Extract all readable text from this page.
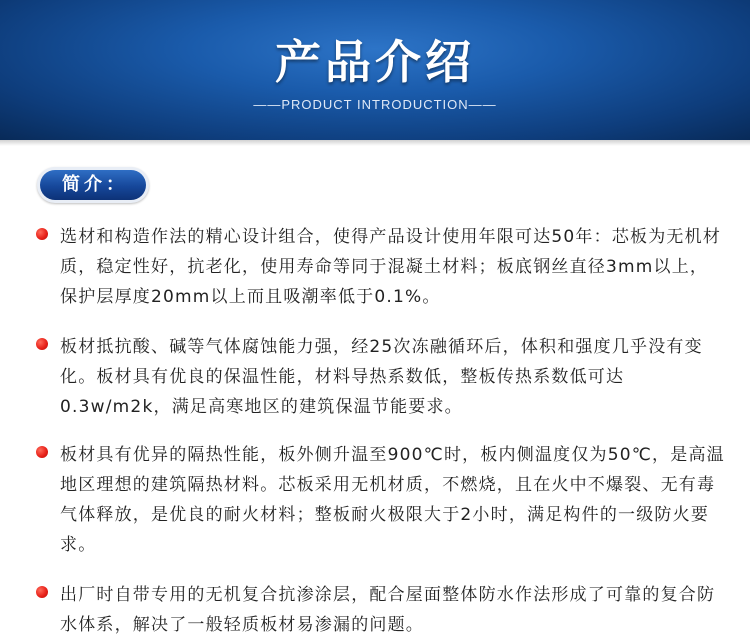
产品介绍
——PRODUCT INTRODUCTION——
简介：
选材和构造作法的精心设计组合，使得产品设计使用年限可达50年：芯板为无机材质，稳定性好，抗老化，使用寿命等同于混凝土材料；板底钢丝直径3mm以上，保护层厚度20mm以上而且吸潮率低于0.1%。
板材抵抗酸、碱等气体腐蚀能力强，经25次冻融循环后，体积和强度几乎没有变化。板材具有优良的保温性能，材料导热系数低，整板传热系数低可达0.3w/m2k，满足高寒地区的建筑保温节能要求。
板材具有优异的隔热性能，板外侧升温至900℃时，板内侧温度仅为50℃，是高温地区理想的建筑隔热材料。芯板采用无机材质，不燃烧，且在火中不爆裂、无有毒气体释放，是优良的耐火材料；整板耐火极限大于2小时，满足构件的一级防火要求。
出厂时自带专用的无机复合抗渗涂层，配合屋面整体防水作法形成了可靠的复合防水体系，解决了一般轻质板材易渗漏的问题。
